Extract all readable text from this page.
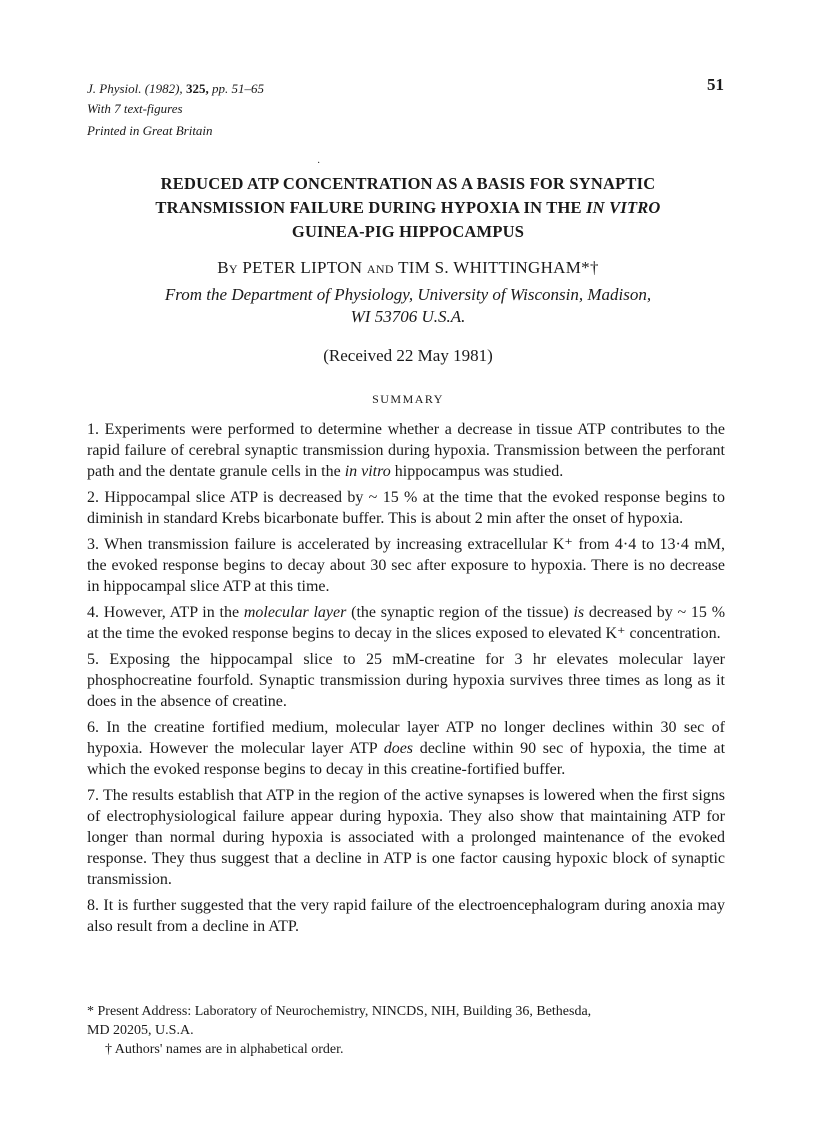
J. Physiol. (1982), 325, pp. 51–65
With 7 text-figures
Printed in Great Britain
51
·
REDUCED ATP CONCENTRATION AS A BASIS FOR SYNAPTIC
TRANSMISSION FAILURE DURING HYPOXIA IN THE IN VITRO
GUINEA-PIG HIPPOCAMPUS
By PETER LIPTON and TIM S. WHITTINGHAM*†
From the Department of Physiology, University of Wisconsin, Madison,
WI 53706 U.S.A.
(Received 22 May 1981)
SUMMARY

1. Experiments were performed to determine whether a decrease in tissue ATP contributes to the rapid failure of cerebral synaptic transmission during hypoxia. Transmission between the perforant path and the dentate granule cells in the in vitro hippocampus was studied.

2. Hippocampal slice ATP is decreased by ~ 15 % at the time that the evoked response begins to diminish in standard Krebs bicarbonate buffer. This is about 2 min after the onset of hypoxia.

3. When transmission failure is accelerated by increasing extracellular K⁺ from 4·4 to 13·4 mM, the evoked response begins to decay about 30 sec after exposure to hypoxia. There is no decrease in hippocampal slice ATP at this time.

4. However, ATP in the molecular layer (the synaptic region of the tissue) is decreased by ~ 15 % at the time the evoked response begins to decay in the slices exposed to elevated K⁺ concentration.

5. Exposing the hippocampal slice to 25 mM-creatine for 3 hr elevates molecular layer phosphocreatine fourfold. Synaptic transmission during hypoxia survives three times as long as it does in the absence of creatine.

6. In the creatine fortified medium, molecular layer ATP no longer declines within 30 sec of hypoxia. However the molecular layer ATP does decline within 90 sec of hypoxia, the time at which the evoked response begins to decay in this creatine-fortified buffer.

7. The results establish that ATP in the region of the active synapses is lowered when the first signs of electrophysiological failure appear during hypoxia. They also show that maintaining ATP for longer than normal during hypoxia is associated with a prolonged maintenance of the evoked response. They thus suggest that a decline in ATP is one factor causing hypoxic block of synaptic transmission.

8. It is further suggested that the very rapid failure of the electroencephalogram during anoxia may also result from a decline in ATP.

* Present Address: Laboratory of Neurochemistry, NINCDS, NIH, Building 36, Bethesda,

MD 20205, U.S.A.

† Authors' names are in alphabetical order.
